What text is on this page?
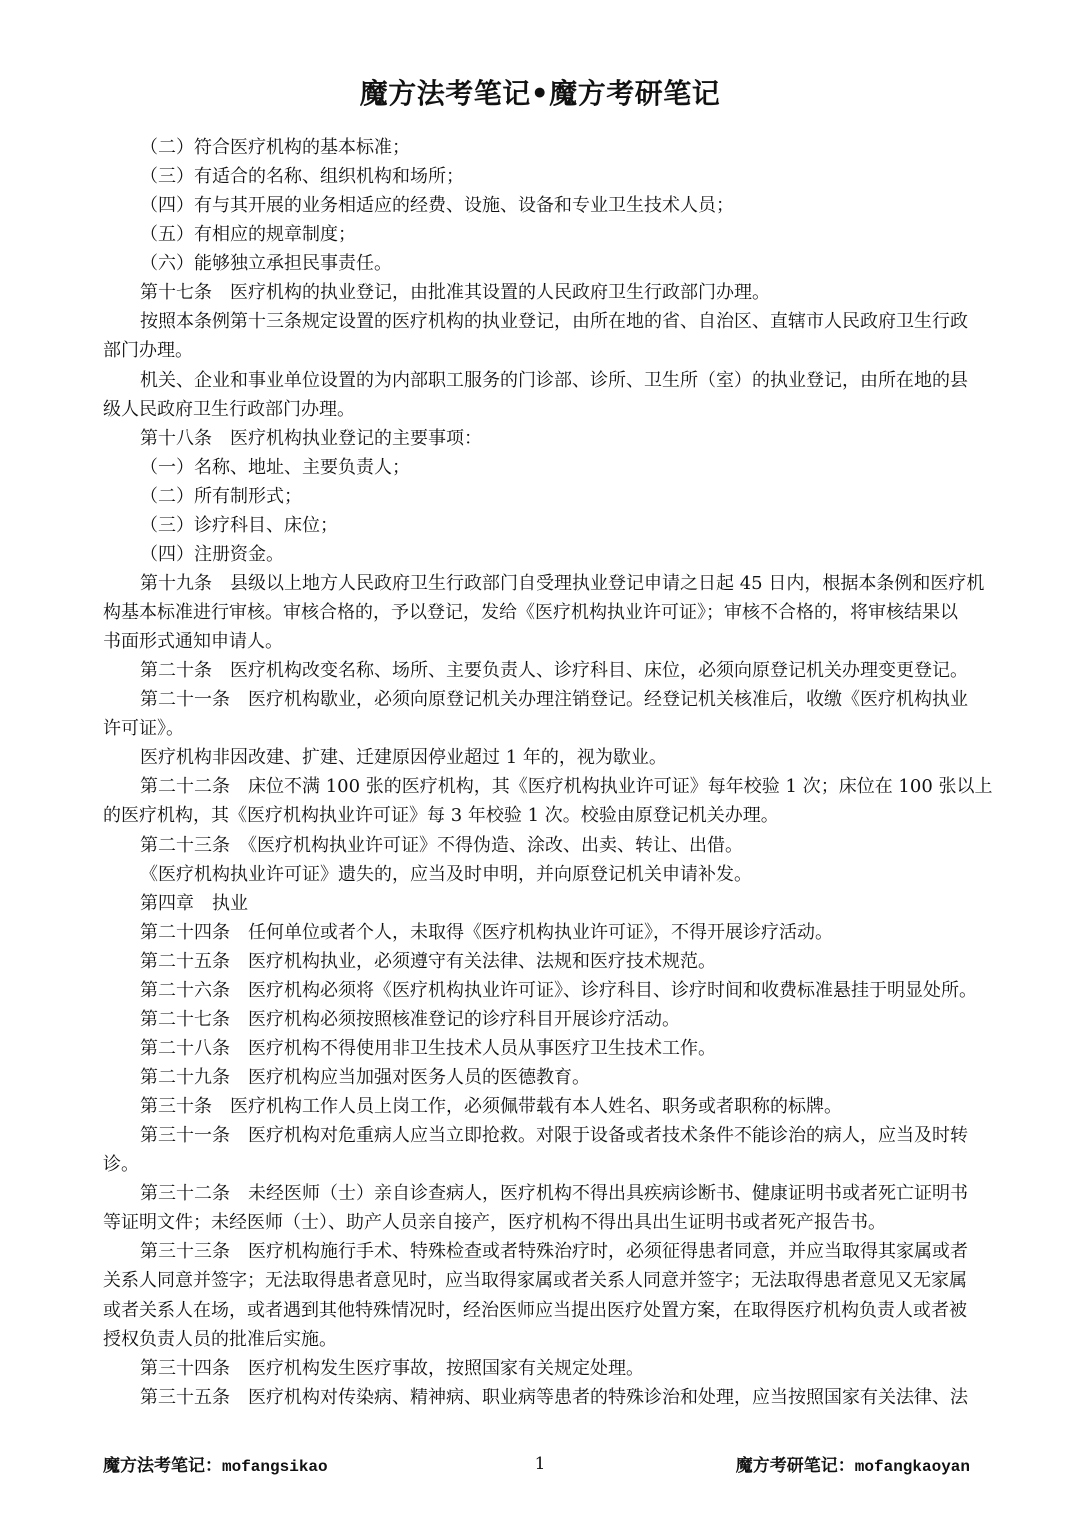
魔方法考笔记•魔方考研笔记
（二）符合医疗机构的基本标准；
（三）有适合的名称、组织机构和场所；
（四）有与其开展的业务相适应的经费、设施、设备和专业卫生技术人员；
（五）有相应的规章制度；
（六）能够独立承担民事责任。
第十七条　医疗机构的执业登记，由批准其设置的人民政府卫生行政部门办理。
按照本条例第十三条规定设置的医疗机构的执业登记，由所在地的省、自治区、直辖市人民政府卫生行政
部门办理。
机关、企业和事业单位设置的为内部职工服务的门诊部、诊所、卫生所（室）的执业登记，由所在地的县
级人民政府卫生行政部门办理。
第十八条　医疗机构执业登记的主要事项：
（一）名称、地址、主要负责人；
（二）所有制形式；
（三）诊疗科目、床位；
（四）注册资金。
第十九条　县级以上地方人民政府卫生行政部门自受理执业登记申请之日起 45 日内，根据本条例和医疗机
构基本标准进行审核。审核合格的，予以登记，发给《医疗机构执业许可证》；审核不合格的，将审核结果以
书面形式通知申请人。
第二十条　医疗机构改变名称、场所、主要负责人、诊疗科目、床位，必须向原登记机关办理变更登记。
第二十一条　医疗机构歇业，必须向原登记机关办理注销登记。经登记机关核准后，收缴《医疗机构执业
许可证》。
医疗机构非因改建、扩建、迁建原因停业超过 1 年的，视为歇业。
第二十二条　床位不满 100 张的医疗机构，其《医疗机构执业许可证》每年校验 1 次；床位在 100 张以上
的医疗机构，其《医疗机构执业许可证》每 3 年校验 1 次。校验由原登记机关办理。
第二十三条　《医疗机构执业许可证》不得伪造、涂改、出卖、转让、出借。
《医疗机构执业许可证》遗失的，应当及时申明，并向原登记机关申请补发。
第四章　执业
第二十四条　任何单位或者个人，未取得《医疗机构执业许可证》，不得开展诊疗活动。
第二十五条　医疗机构执业，必须遵守有关法律、法规和医疗技术规范。
第二十六条　医疗机构必须将《医疗机构执业许可证》、诊疗科目、诊疗时间和收费标准悬挂于明显处所。
第二十七条　医疗机构必须按照核准登记的诊疗科目开展诊疗活动。
第二十八条　医疗机构不得使用非卫生技术人员从事医疗卫生技术工作。
第二十九条　医疗机构应当加强对医务人员的医德教育。
第三十条　医疗机构工作人员上岗工作，必须佩带载有本人姓名、职务或者职称的标牌。
第三十一条　医疗机构对危重病人应当立即抢救。对限于设备或者技术条件不能诊治的病人，应当及时转
诊。
第三十二条　未经医师（士）亲自诊查病人，医疗机构不得出具疾病诊断书、健康证明书或者死亡证明书
等证明文件；未经医师（士）、助产人员亲自接产，医疗机构不得出具出生证明书或者死产报告书。
第三十三条　医疗机构施行手术、特殊检查或者特殊治疗时，必须征得患者同意，并应当取得其家属或者
关系人同意并签字；无法取得患者意见时，应当取得家属或者关系人同意并签字；无法取得患者意见又无家属
或者关系人在场，或者遇到其他特殊情况时，经治医师应当提出医疗处置方案，在取得医疗机构负责人或者被
授权负责人员的批准后实施。
第三十四条　医疗机构发生医疗事故，按照国家有关规定处理。
第三十五条　医疗机构对传染病、精神病、职业病等患者的特殊诊治和处理，应当按照国家有关法律、法
魔方法考笔记：mofangsikao	1	魔方考研笔记：mofangkaoyan
